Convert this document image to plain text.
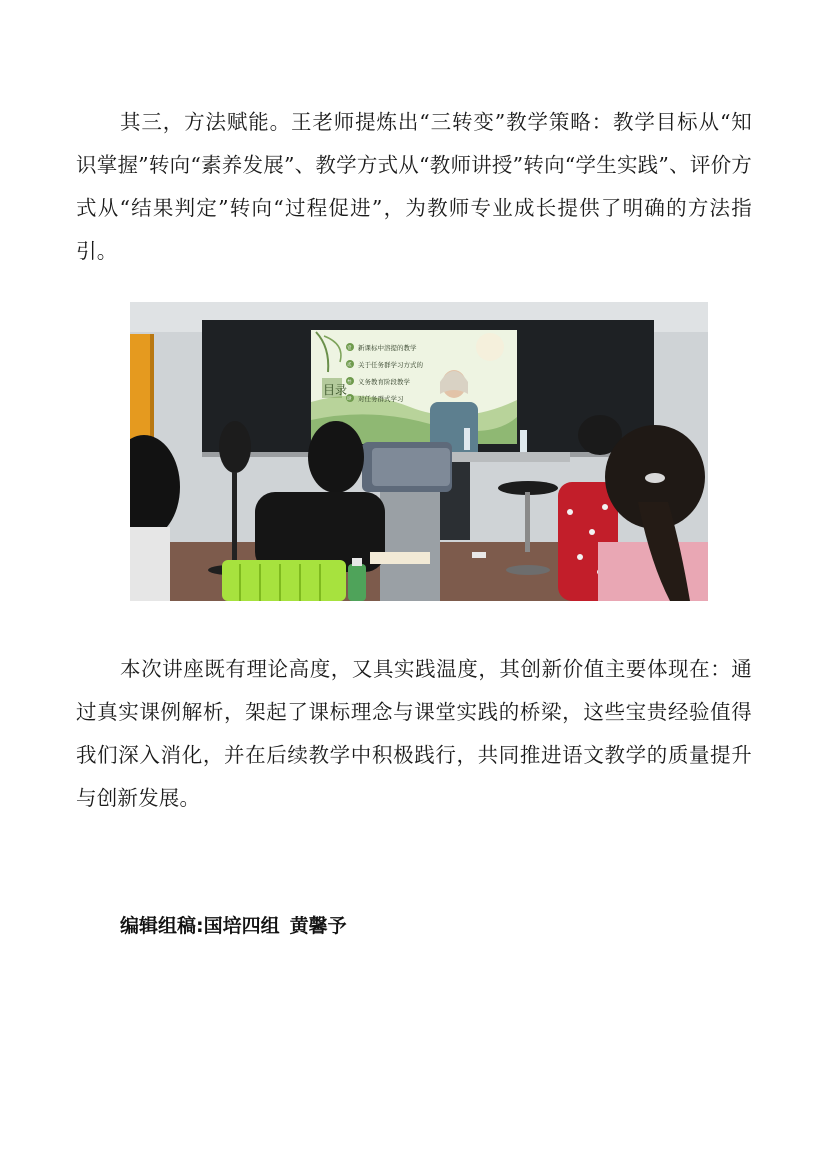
其三，方法赋能。王老师提炼出“三转变”教学策略：教学目标从“知识掌握”转向“素养发展”、教学方式从“教师讲授”转向“学生实践”、评价方式从“结果判定”转向“过程促进”，为教师专业成长提供了明确的方法指引。

目录
壹 新课标中溶提的教学
贰 关于任务群学习方式的
叁 义务教育阶段教学
肆 对任务群式学习

本次讲座既有理论高度，又具实践温度，其创新价值主要体现在：通过真实课例解析，架起了课标理念与课堂实践的桥梁，这些宝贵经验值得我们深入消化，并在后续教学中积极践行，共同推进语文教学的质量提升与创新发展。

编辑组稿:国培四组 黄馨予
